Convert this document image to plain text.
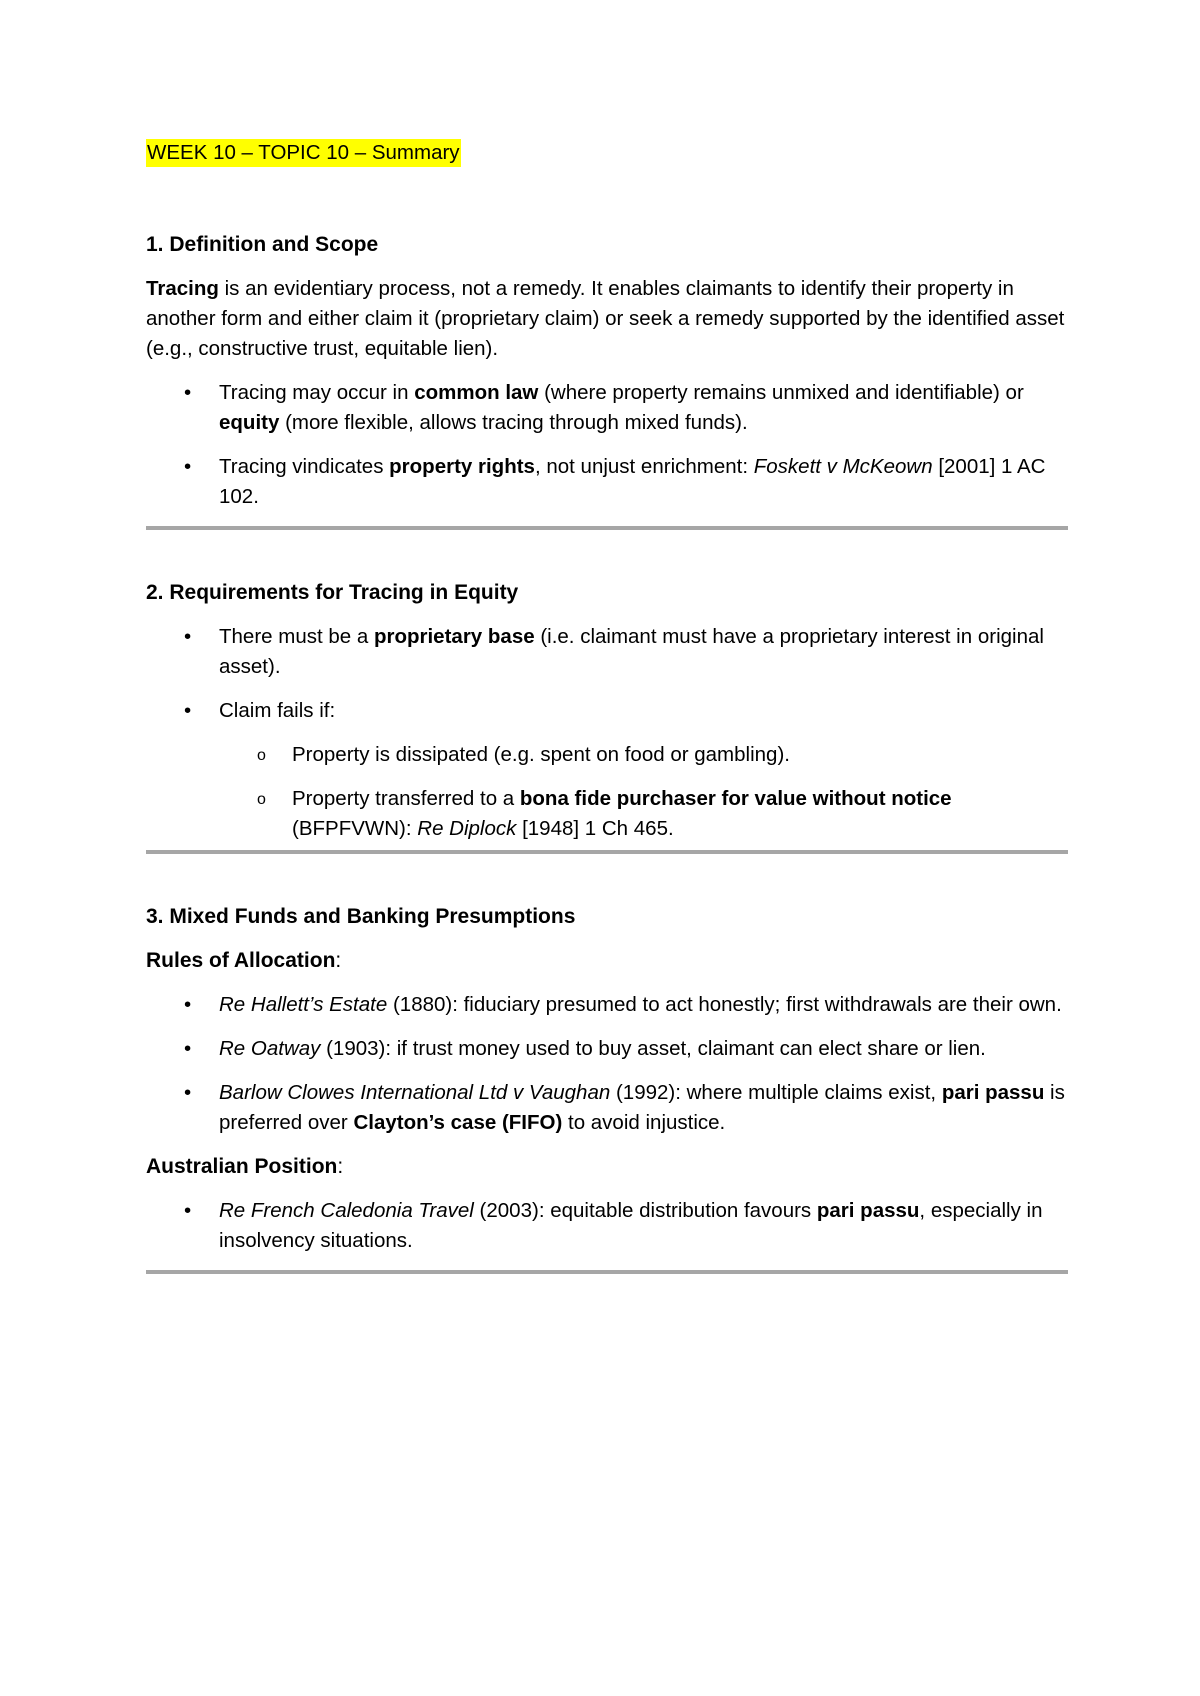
WEEK 10 – TOPIC 10 – Summary
1. Definition and Scope

Tracing is an evidentiary process, not a remedy. It enables claimants to identify their property in another form and either claim it (proprietary claim) or seek a remedy supported by the identified asset (e.g., constructive trust, equitable lien).

• Tracing may occur in common law (where property remains unmixed and identifiable) or equity (more flexible, allows tracing through mixed funds).
• Tracing vindicates property rights, not unjust enrichment: Foskett v McKeown [2001] 1 AC 102.
2. Requirements for Tracing in Equity
• There must be a proprietary base (i.e. claimant must have a proprietary interest in original asset).
• Claim fails if:
o Property is dissipated (e.g. spent on food or gambling).
o Property transferred to a bona fide purchaser for value without notice (BFPFVWN): Re Diplock [1948] 1 Ch 465.
3. Mixed Funds and Banking Presumptions
Rules of Allocation:
• Re Hallett’s Estate (1880): fiduciary presumed to act honestly; first withdrawals are their own.
• Re Oatway (1903): if trust money used to buy asset, claimant can elect share or lien.
• Barlow Clowes International Ltd v Vaughan (1992): where multiple claims exist, pari passu is preferred over Clayton’s case (FIFO) to avoid injustice.
Australian Position:
• Re French Caledonia Travel (2003): equitable distribution favours pari passu, especially in insolvency situations.
